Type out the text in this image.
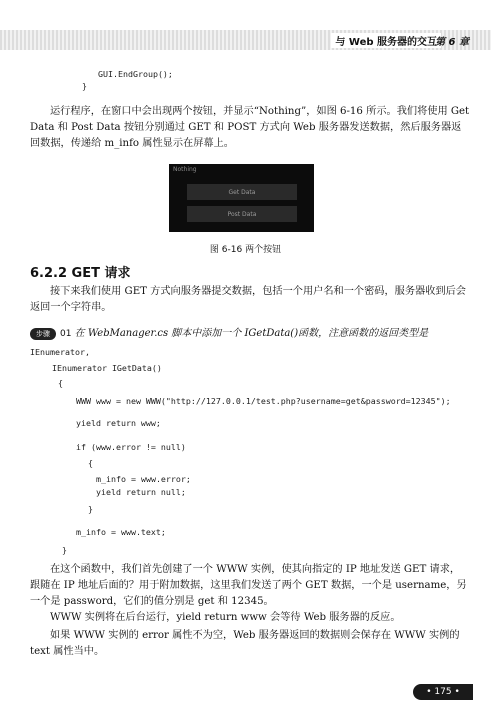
与 Web 服务器的交互
第 6 章
GUI.EndGroup();
}
运行程序，在窗口中会出现两个按钮，并显示“Nothing”，如图 6-16 所示。我们将使用 Get Data 和 Post Data 按钮分别通过 GET 和 POST 方式向 Web 服务器发送数据，然后服务器返回数据，传递给 m_info 属性显示在屏幕上。
Nothing
Get Data
Post Data
图 6-16 两个按钮
6.2.2 GET 请求
接下来我们使用 GET 方式向服务器提交数据，包括一个用户名和一个密码，服务器收到后会返回一个字符串。
步骤 01 在 WebManager.cs 脚本中添加一个 IGetData()函数，注意函数的返回类型是
IEnumerator,
IEnumerator IGetData()
{
WWW www = new WWW("http://127.0.0.1/test.php?username=get&password=12345");
yield return www;
if (www.error != null)
{
m_info = www.error;
yield return null;
}
m_info = www.text;
}
在这个函数中，我们首先创建了一个 WWW 实例，使其向指定的 IP 地址发送 GET 请求，跟随在 IP 地址后面的？用于附加数据，这里我们发送了两个 GET 数据，一个是 username，另一个是 password，它们的值分别是 get 和 12345。
WWW 实例将在后台运行，yield return www 会等待 Web 服务器的反应。
如果 WWW 实例的 error 属性不为空，Web 服务器返回的数据则会保存在 WWW 实例的 text 属性当中。
• 175 •
